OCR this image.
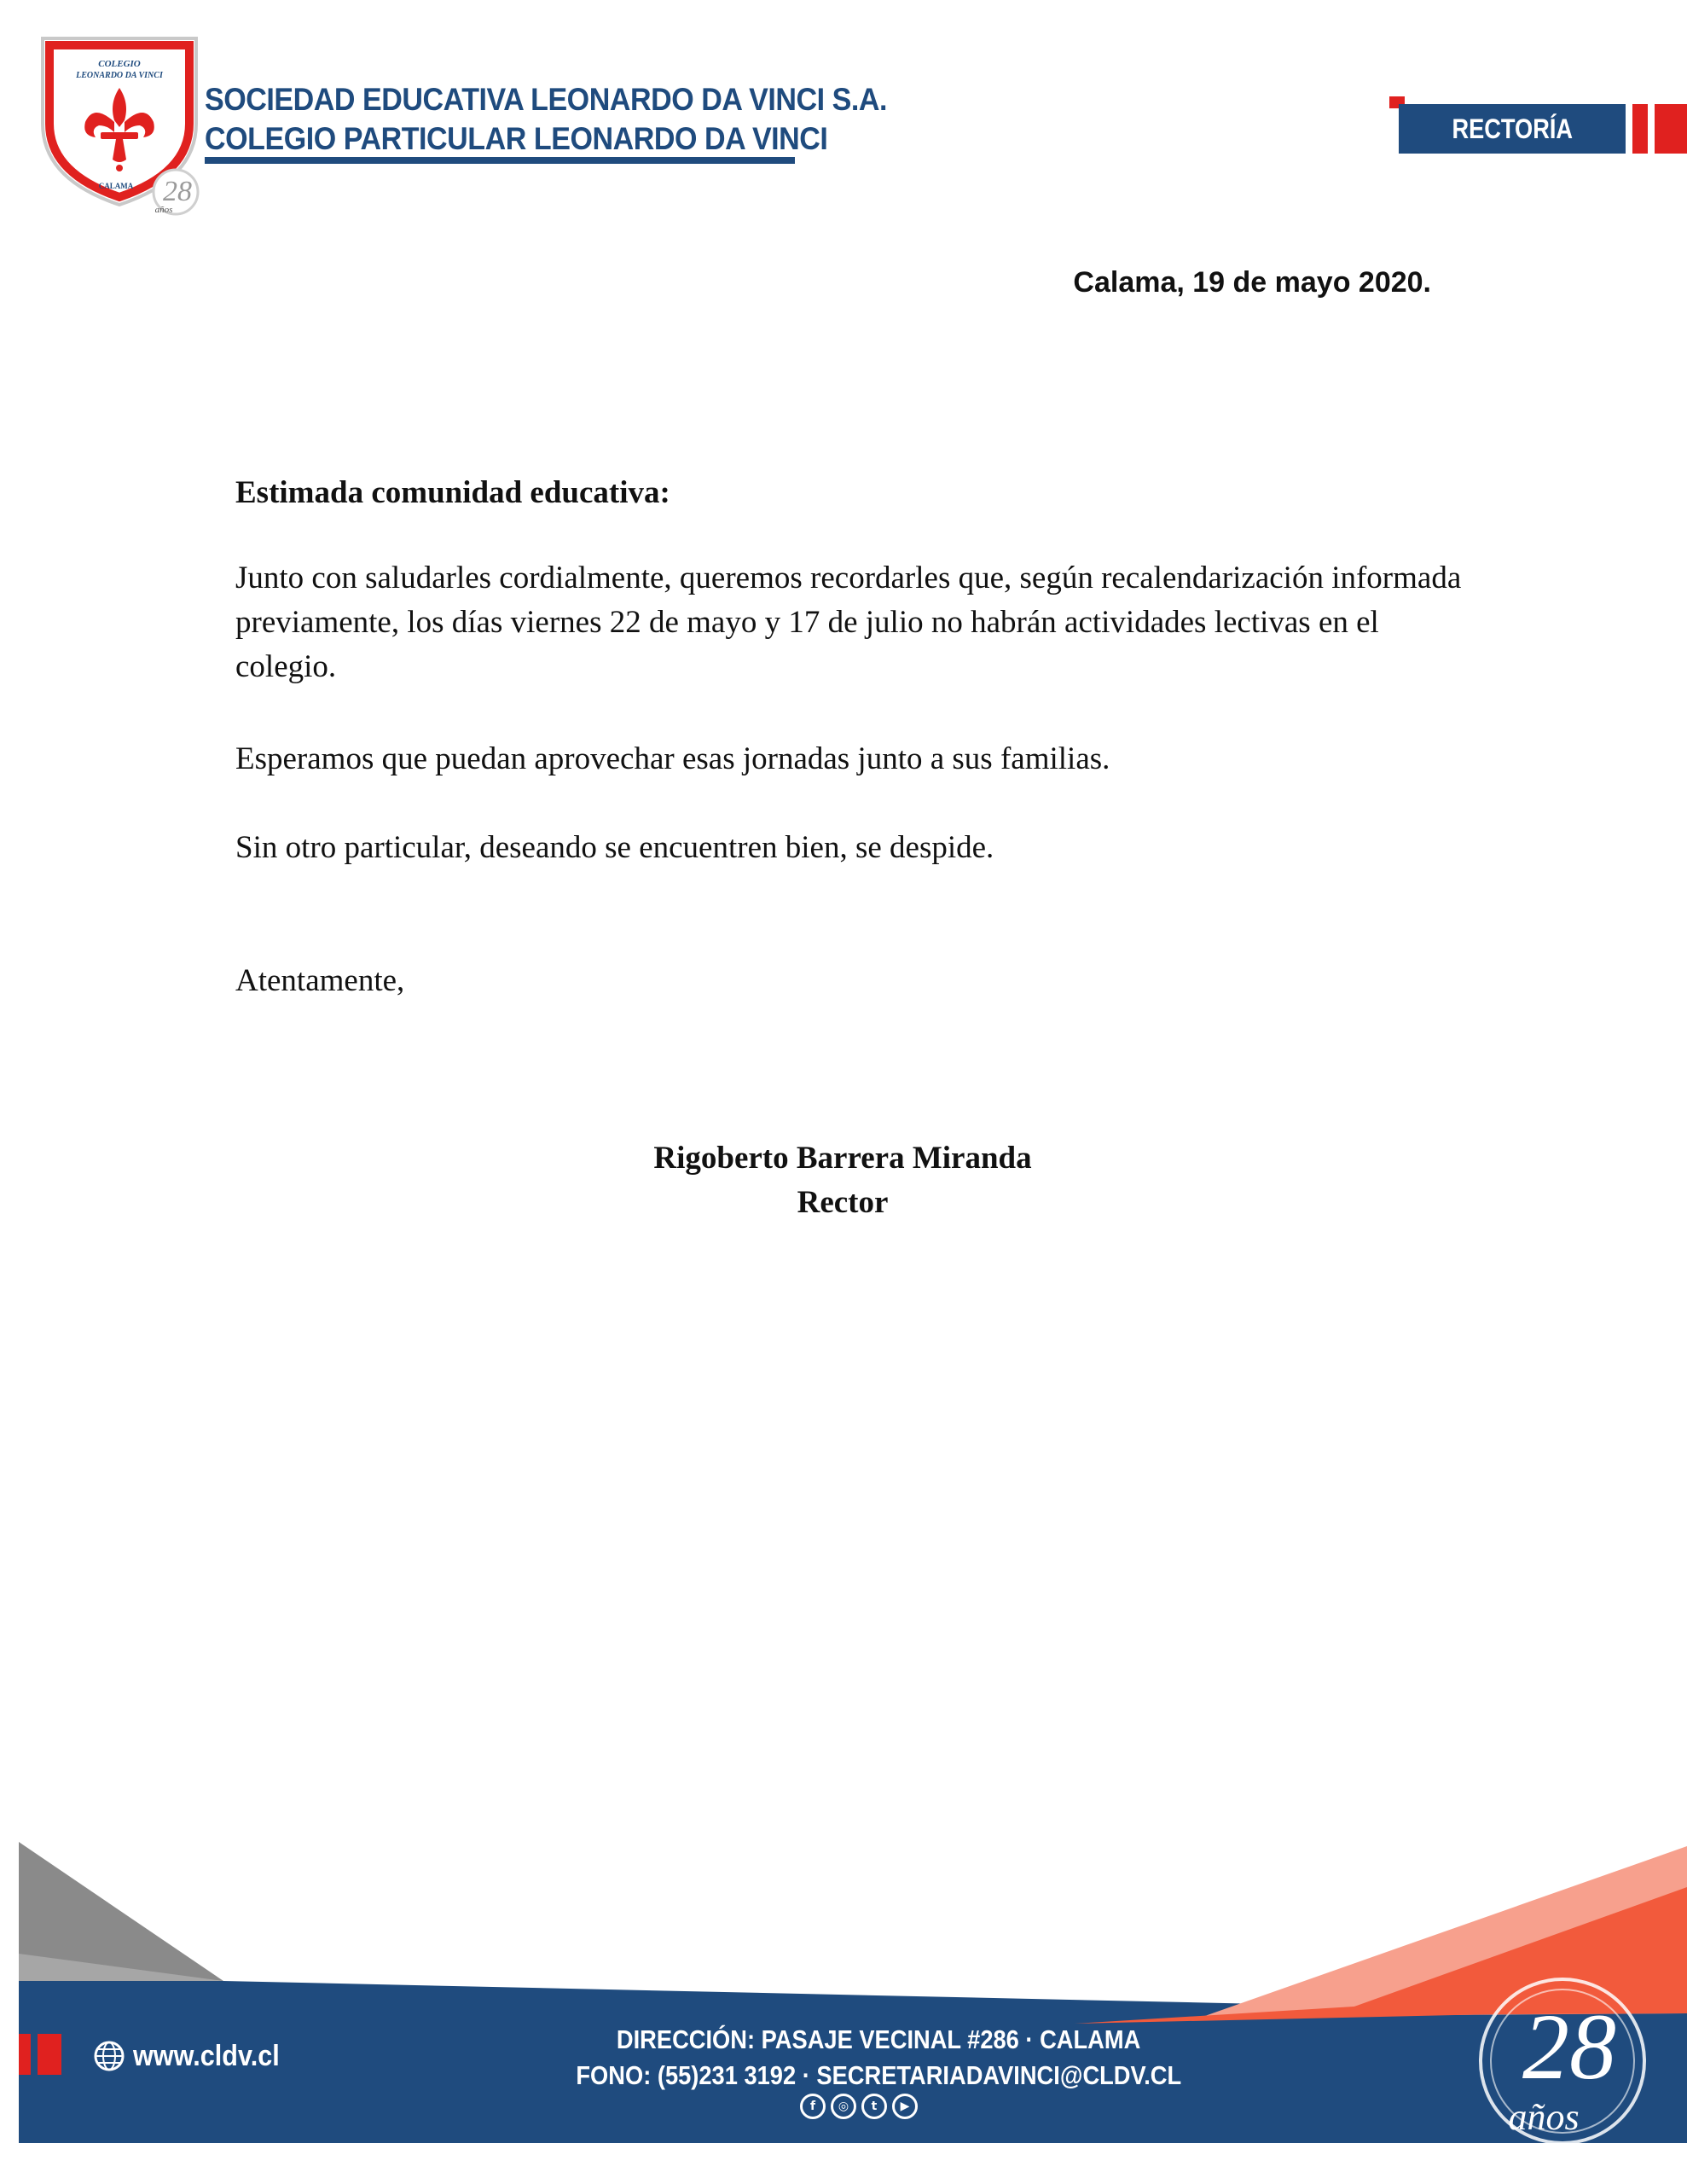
COLEGIO
LEONARDO DA VINCI
CALAMA 28
años
SOCIEDAD EDUCATIVA LEONARDO DA VINCI S.A.
COLEGIO PARTICULAR LEONARDO DA VINCI	RECTORÍA
Calama, 19 de mayo 2020.
Estimada comunidad educativa:
Junto con saludarles cordialmente, queremos recordarles que, según recalendarización informada previamente, los días viernes 22 de mayo y 17 de julio no habrán actividades lectivas en el colegio.
Esperamos que puedan aprovechar esas jornadas junto a sus familias.
Sin otro particular, deseando se encuentren bien, se despide.
Atentamente,
Rigoberto Barrera Miranda
Rector
www.cldv.cl	DIRECCIÓN: PASAJE VECINAL #286 · CALAMA
FONO: (55)231 3192 · SECRETARIADAVINCI@CLDV.CL
f	◎	t	▶
28
años
